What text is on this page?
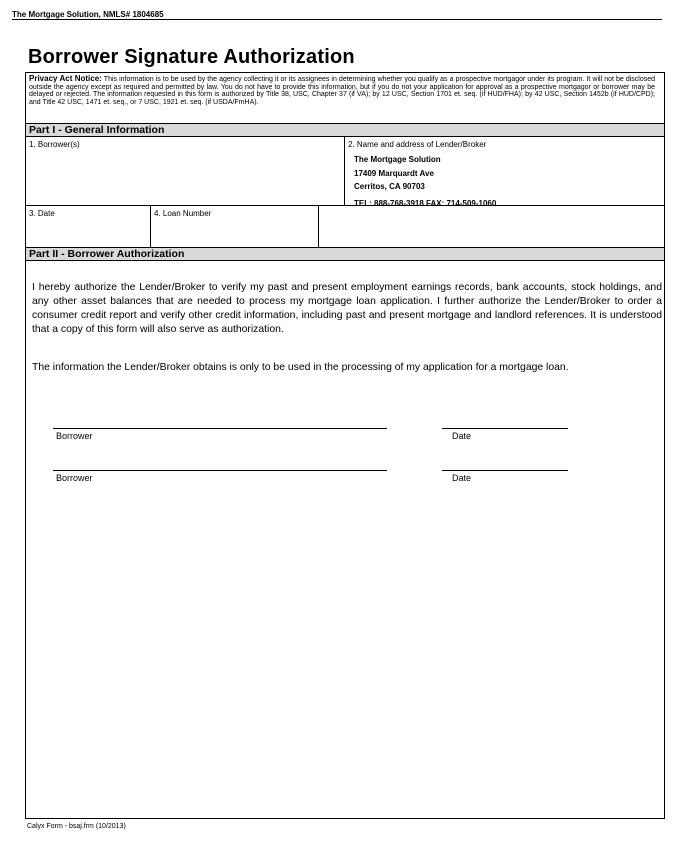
The Mortgage Solution, NMLS# 1804685
Borrower Signature Authorization
Privacy Act Notice: This information is to be used by the agency collecting it or its assignees in determining whether you qualify as a prospective mortgagor under its program. It will not be disclosed outside the agency except as required and permitted by law. You do not have to provide this information, but if you do not your application for approval as a prospective mortgagor or borrower may be delayed or rejected. The information requested in this form is authorized by Title 38, USC, Chapter 37 (if VA); by 12 USC, Section 1701 et. seq. (if HUD/FHA); by 42 USC, Section 1452b (if HUD/CPD); and Title 42 USC, 1471 et. seq., or 7 USC, 1921 et. seq. (if USDA/FmHA).
Part I - General Information
1. Borrower(s)	2. Name and address of Lender/Broker
The Mortgage Solution
17409 Marquardt Ave
Cerritos, CA 90703
TEL: 888-768-3918 FAX: 714-509-1060
3. Date	4. Loan Number
Part II - Borrower Authorization
I hereby authorize the Lender/Broker to verify my past and present employment earnings records, bank accounts, stock holdings, and any other asset balances that are needed to process my mortgage loan application. I further authorize the Lender/Broker to order a consumer credit report and verify other credit information, including past and present mortgage and landlord references. It is understood that a copy of this form will also serve as authorization.
The information the Lender/Broker obtains is only to be used in the processing of my application for a mortgage loan.
Borrower	Date
Borrower	Date
Calyx Form - bsaj.frm (10/2013)
